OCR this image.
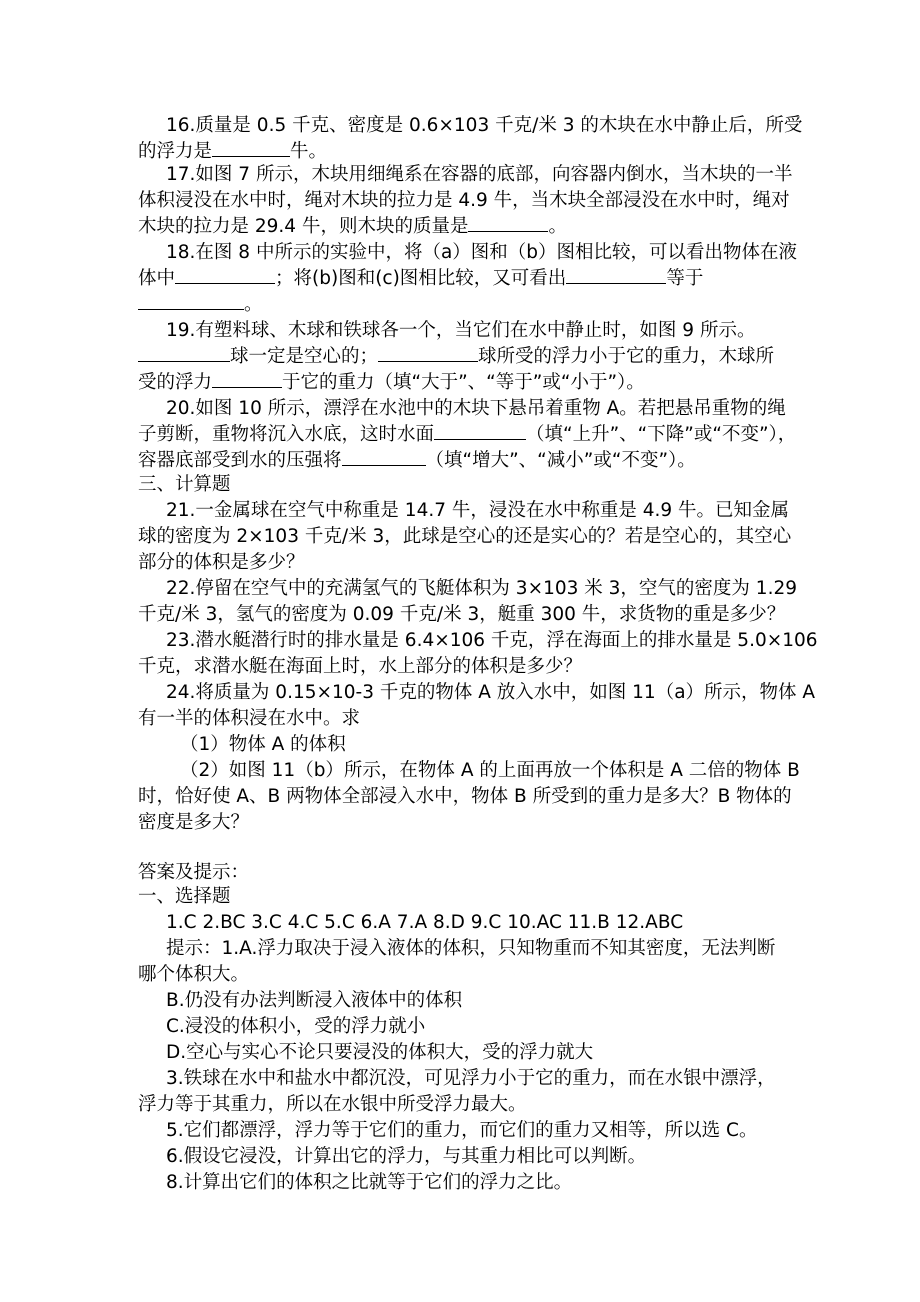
16.质量是 0.5 千克、密度是 0.6×103 千克/米 3 的木块在水中静止后，所受
的浮力是	牛。
17.如图 7 所示，木块用细绳系在容器的底部，向容器内倒水，当木块的一半
体积浸没在水中时，绳对木块的拉力是 4.9 牛，当木块全部浸没在水中时，绳对
木块的拉力是 29.4 牛，则木块的质量是	。
18.在图 8 中所示的实验中，将（a）图和（b）图相比较，可以看出物体在液
体中	；将(b)图和(c)图相比较，又可看出	等于
。
19.有塑料球、木球和铁球各一个，当它们在水中静止时，如图 9 所示。
球一定是空心的；	球所受的浮力小于它的重力，木球所
受的浮力	于它的重力（填“大于”、“等于”或“小于”）。
20.如图 10 所示，漂浮在水池中的木块下悬吊着重物 A。若把悬吊重物的绳
子剪断，重物将沉入水底，这时水面	（填“上升”、“下降”或“不变”），
容器底部受到水的压强将	（填“增大”、“减小”或“不变”）。
三、计算题
21.一金属球在空气中称重是 14.7 牛，浸没在水中称重是 4.9 牛。已知金属
球的密度为 2×103 千克/米 3，此球是空心的还是实心的？若是空心的，其空心
部分的体积是多少？
22.停留在空气中的充满氢气的飞艇体积为 3×103 米 3，空气的密度为 1.29
千克/米 3，氢气的密度为 0.09 千克/米 3，艇重 300 牛，求货物的重是多少？
23.潜水艇潜行时的排水量是 6.4×106 千克，浮在海面上的排水量是 5.0×106
千克，求潜水艇在海面上时，水上部分的体积是多少？
24.将质量为 0.15×10-3 千克的物体 A 放入水中，如图 11（a）所示，物体 A
有一半的体积浸在水中。求
（1）物体 A 的体积
（2）如图 11（b）所示，在物体 A 的上面再放一个体积是 A 二倍的物体 B
时，恰好使 A、B 两物体全部浸入水中，物体 B 所受到的重力是多大？B 物体的
密度是多大？
答案及提示：
一、选择题
1.C 2.BC 3.C 4.C 5.C 6.A 7.A 8.D 9.C 10.AC 11.B 12.ABC
提示：1.A.浮力取决于浸入液体的体积，只知物重而不知其密度，无法判断
哪个体积大。
B.仍没有办法判断浸入液体中的体积
C.浸没的体积小，受的浮力就小
D.空心与实心不论只要浸没的体积大，受的浮力就大
3.铁球在水中和盐水中都沉没，可见浮力小于它的重力，而在水银中漂浮，
浮力等于其重力，所以在水银中所受浮力最大。
5.它们都漂浮，浮力等于它们的重力，而它们的重力又相等，所以选 C。
6.假设它浸没，计算出它的浮力，与其重力相比可以判断。
8.计算出它们的体积之比就等于它们的浮力之比。
